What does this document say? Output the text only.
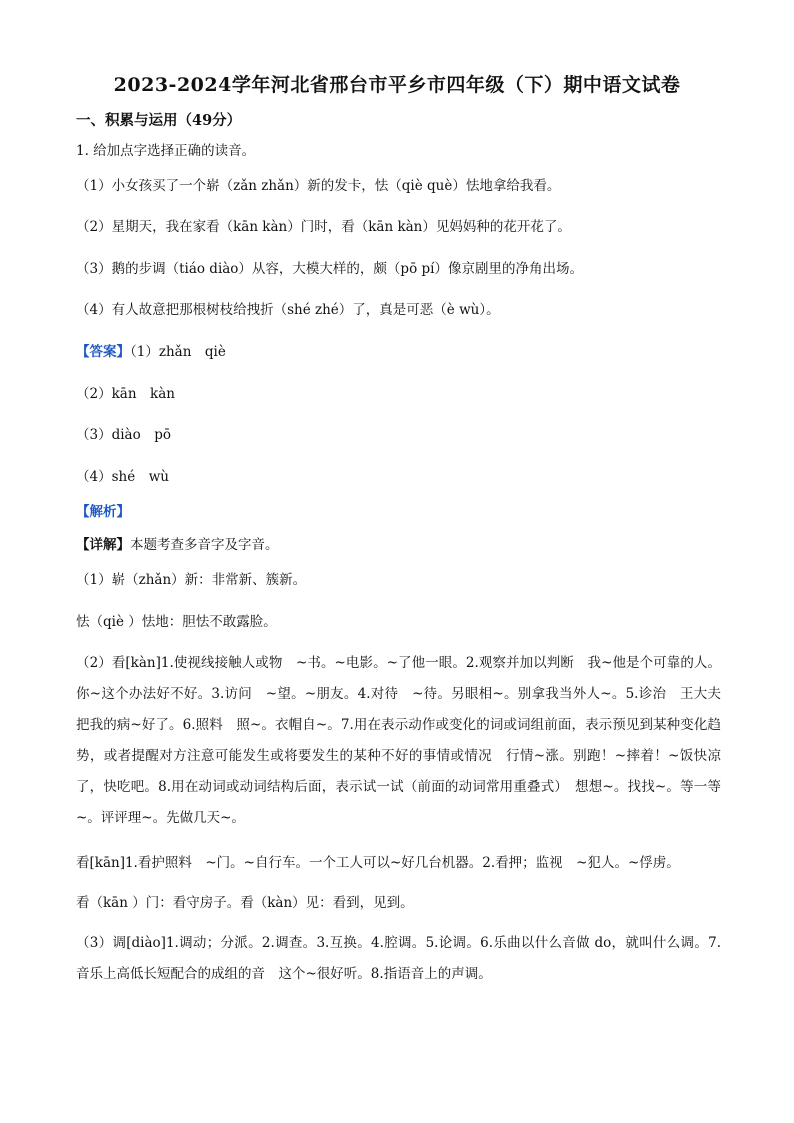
2023-2024学年河北省邢台市平乡市四年级（下）期中语文试卷
一、积累与运用（49分）
1. 给加点字选择正确的读音。
（1）小女孩买了一个崭（zǎn zhǎn）新的发卡，怯（qiè què）怯地拿给我看。
（2）星期天，我在家看（kān kàn）门时，看（kān kàn）见妈妈种的花开花了。
（3）鹅的步调（tiáo diào）从容，大模大样的，颇（pō pí）像京剧里的净角出场。
（4）有人故意把那根树枝给拽折（shé zhé）了，真是可恶（è wù）。
【答案】（1）zhǎn　qiè
（2）kān　kàn
（3）diào　pō
（4）shé　wù
【解析】
【详解】本题考查多音字及字音。
（1）崭（zhǎn）新：非常新、簇新。
怯（qiè ）怯地：胆怯不敢露脸。
（2）看[kàn]1.使视线接触人或物　~书。~电影。~了他一眼。2.观察并加以判断　我~他是个可靠的人。你~这个办法好不好。3.访问　~望。~朋友。4.对待　~待。另眼相~。别拿我当外人~。5.诊治　王大夫把我的病~好了。6.照料　照~。衣帽自~。7.用在表示动作或变化的词或词组前面，表示预见到某种变化趋势，或者提醒对方注意可能发生或将要发生的某种不好的事情或情况　行情~涨。别跑！~摔着！~饭快凉了，快吃吧。8.用在动词或动词结构后面，表示试一试（前面的动词常用重叠式）　想想~。找找~。等一等~。评评理~。先做几天~。
看[kān]1.看护照料　~门。~自行车。一个工人可以~好几台机器。2.看押；监视　~犯人。~俘虏。
看（kān ）门：看守房子。看（kàn）见：看到，见到。
（3）调[diào]1.调动；分派。2.调查。3.互换。4.腔调。5.论调。6.乐曲以什么音做 do，就叫什么调。7.音乐上高低长短配合的成组的音　这个~很好听。8.指语音上的声调。
